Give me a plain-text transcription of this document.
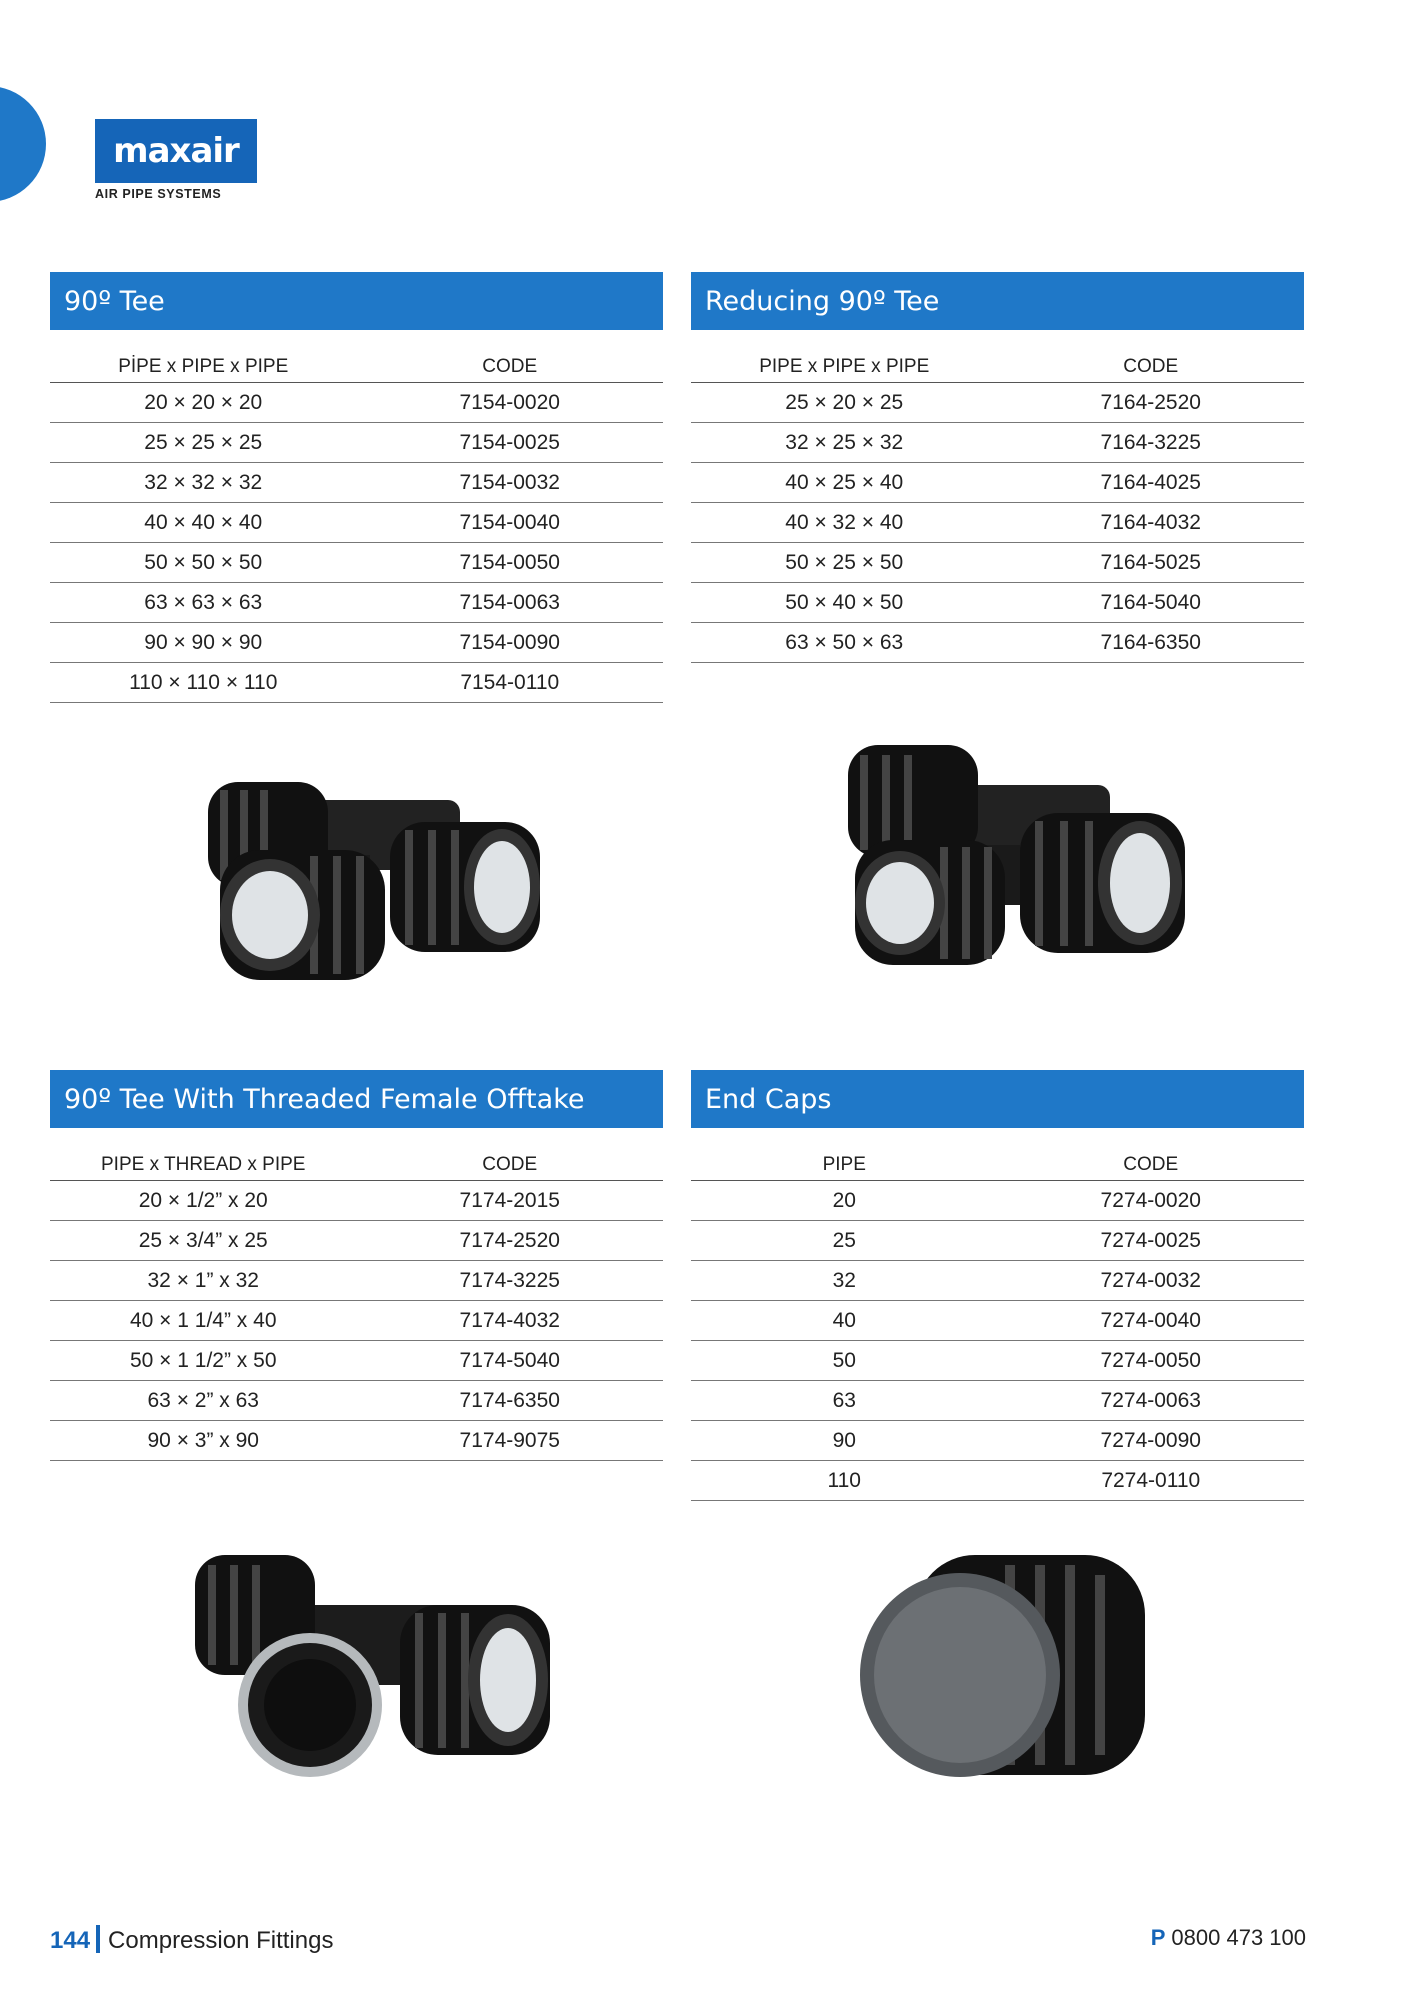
maxair
AIR PIPE SYSTEMS
90º Tee
PİPE x PIPE x PIPE	CODE
20 × 20 × 20	7154-0020
25 × 25 × 25	7154-0025
32 × 32 × 32	7154-0032
40 × 40 × 40	7154-0040
50 × 50 × 50	7154-0050
63 × 63 × 63	7154-0063
90 × 90 × 90	7154-0090
110 × 110 × 110	7154-0110
Reducing 90º Tee
PIPE x PIPE x PIPE	CODE
25 × 20 × 25	7164-2520
32 × 25 × 32	7164-3225
40 × 25 × 40	7164-4025
40 × 32 × 40	7164-4032
50 × 25 × 50	7164-5025
50 × 40 × 50	7164-5040
63 × 50 × 63	7164-6350
90º Tee With Threaded Female Offtake
PIPE x THREAD x PIPE	CODE
20 × 1/2” x 20	7174-2015
25 × 3/4” x 25	7174-2520
32 × 1” x 32	7174-3225
40 × 1 1/4” x 40	7174-4032
50 × 1 1/2” x 50	7174-5040
63 × 2” x 63	7174-6350
90 × 3” x 90	7174-9075
End Caps
PIPE	CODE
20	7274-0020
25	7274-0025
32	7274-0032
40	7274-0040
50	7274-0050
63	7274-0063
90	7274-0090
110	7274-0110
144 Compression Fittings	P 0800 473 100
